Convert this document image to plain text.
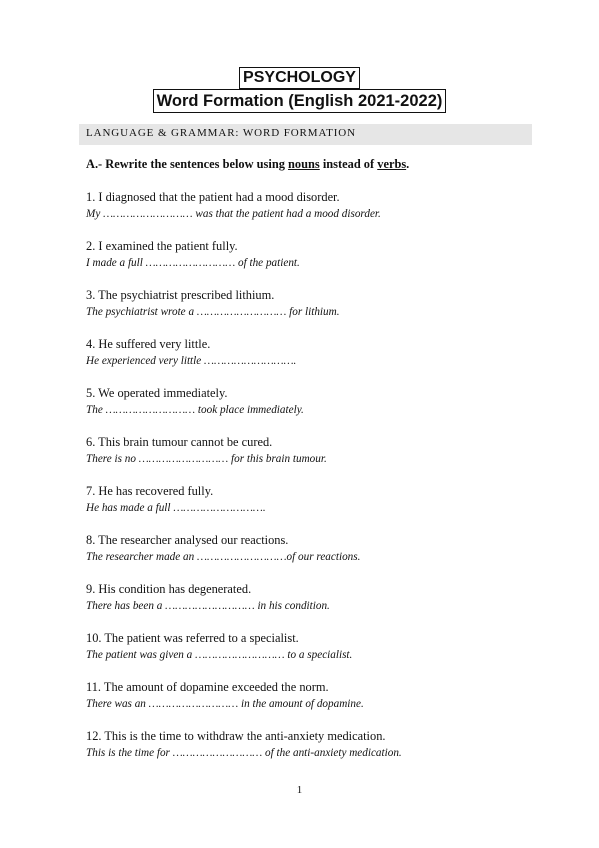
PSYCHOLOGY
Word Formation (English 2021-2022)
LANGUAGE & GRAMMAR: WORD FORMATION
A.- Rewrite the sentences below using nouns instead of verbs.
1. I diagnosed that the patient had a mood disorder.
My ……………………… was that the patient had a mood disorder.
2. I examined the patient fully.
I made a full ……………………… of the patient.
3. The psychiatrist prescribed lithium.
The psychiatrist wrote a ……………………… for lithium.
4. He suffered very little.
He experienced very little ……………………….
5. We operated immediately.
The ……………………… took place immediately.
6. This brain tumour cannot be cured.
There is no ……………………… for this brain tumour.
7. He has recovered fully.
He has made a full ……………………….
8. The researcher analysed our reactions.
The researcher made an ………………………of our reactions.
9. His condition has degenerated.
There has been a ……………………… in his condition.
10. The patient was referred to a specialist.
The patient was given a ……………………… to a specialist.
11. The amount of dopamine exceeded the norm.
There was an ……………………… in the amount of dopamine.
12. This is the time to withdraw the anti-anxiety medication.
This is the time for ……………………… of the anti-anxiety medication.
1
